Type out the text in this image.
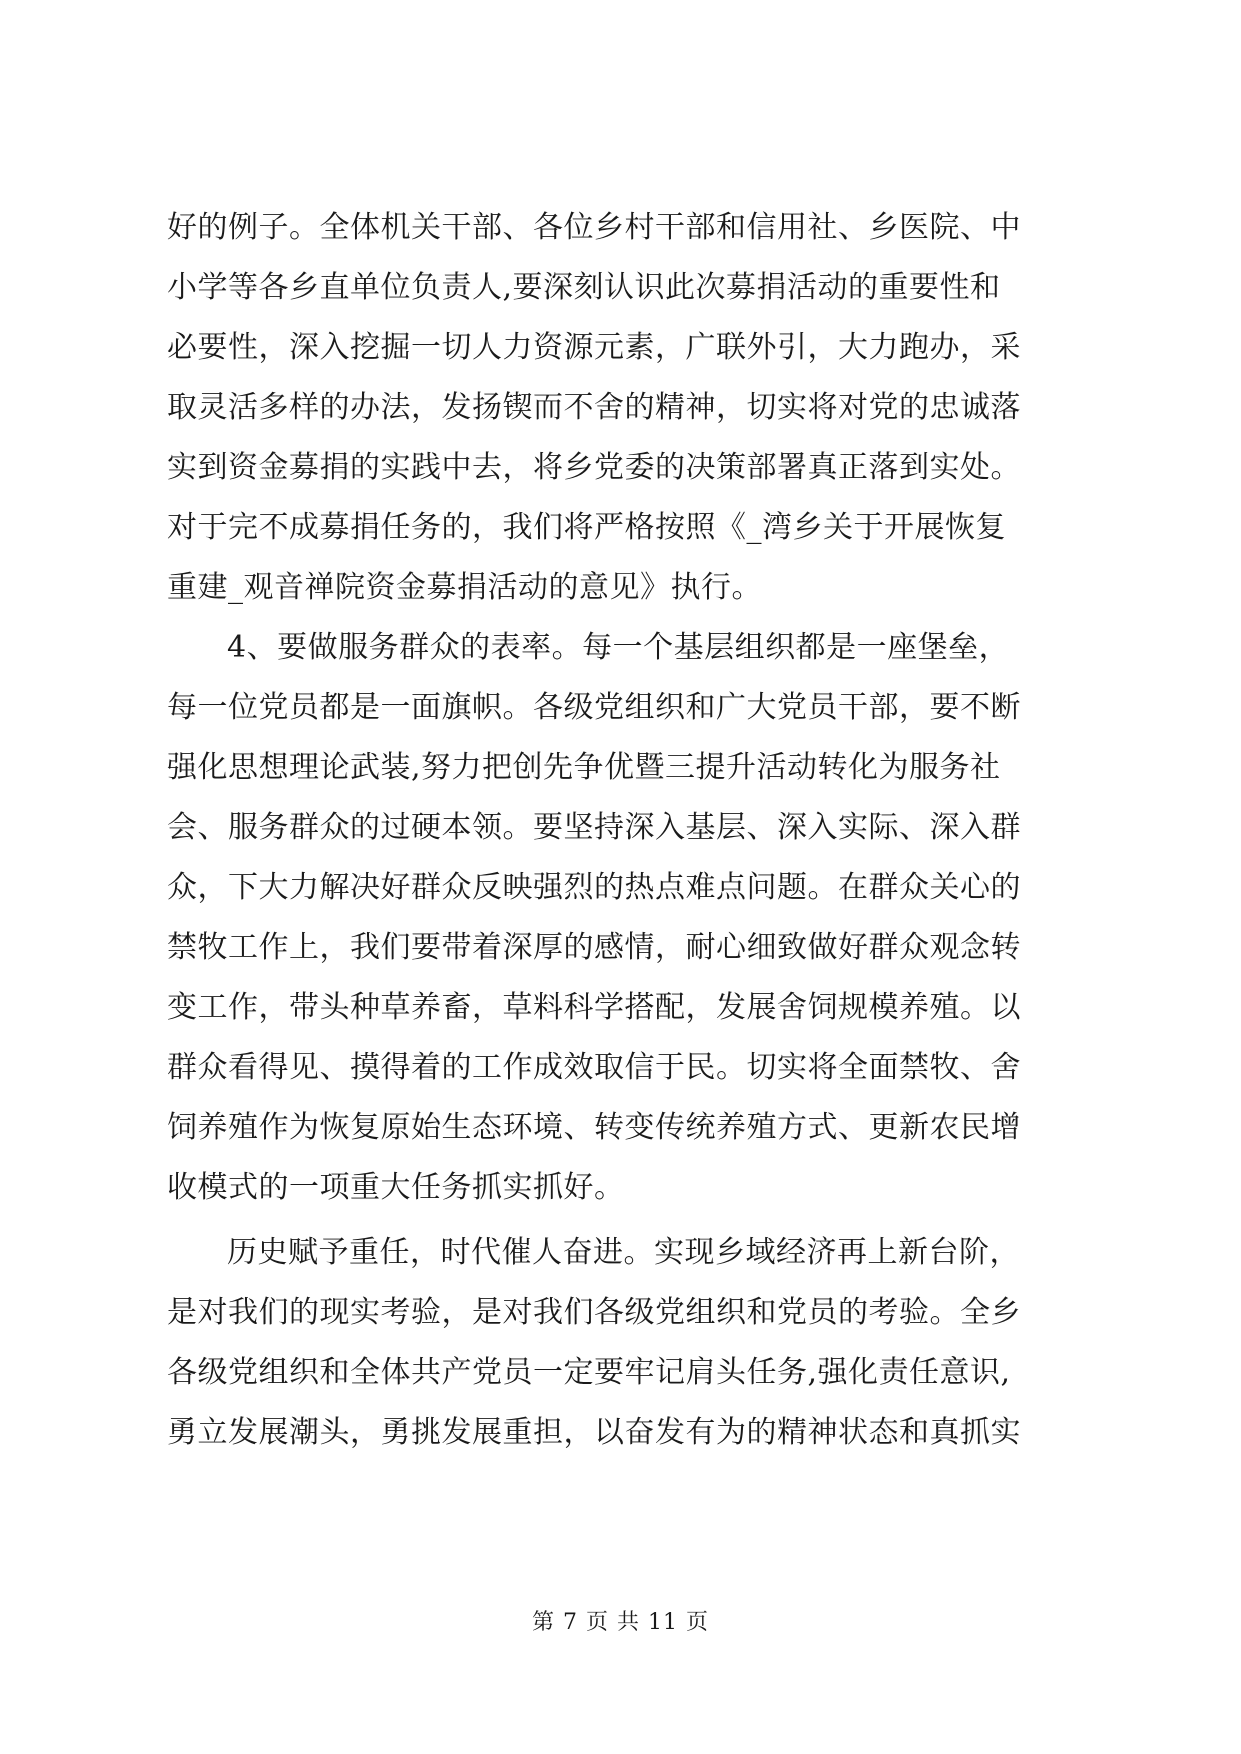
好的例子。全体机关干部、各位乡村干部和信用社、乡医院、中
小学等各乡直单位负责人,要深刻认识此次募捐活动的重要性和
必要性，深入挖掘一切人力资源元素，广联外引，大力跑办，采
取灵活多样的办法，发扬锲而不舍的精神，切实将对党的忠诚落
实到资金募捐的实践中去，将乡党委的决策部署真正落到实处。
对于完不成募捐任务的，我们将严格按照《_湾乡关于开展恢复
重建_观音禅院资金募捐活动的意见》执行。
4、要做服务群众的表率。每一个基层组织都是一座堡垒，
每一位党员都是一面旗帜。各级党组织和广大党员干部，要不断
强化思想理论武装,努力把创先争优暨三提升活动转化为服务社
会、服务群众的过硬本领。要坚持深入基层、深入实际、深入群
众，下大力解决好群众反映强烈的热点难点问题。在群众关心的
禁牧工作上，我们要带着深厚的感情，耐心细致做好群众观念转
变工作，带头种草养畜，草料科学搭配，发展舍饲规模养殖。以
群众看得见、摸得着的工作成效取信于民。切实将全面禁牧、舍
饲养殖作为恢复原始生态环境、转变传统养殖方式、更新农民增
收模式的一项重大任务抓实抓好。
历史赋予重任，时代催人奋进。实现乡域经济再上新台阶，
是对我们的现实考验，是对我们各级党组织和党员的考验。全乡
各级党组织和全体共产党员一定要牢记肩头任务,强化责任意识,
勇立发展潮头，勇挑发展重担，以奋发有为的精神状态和真抓实
第 7 页 共 11 页
